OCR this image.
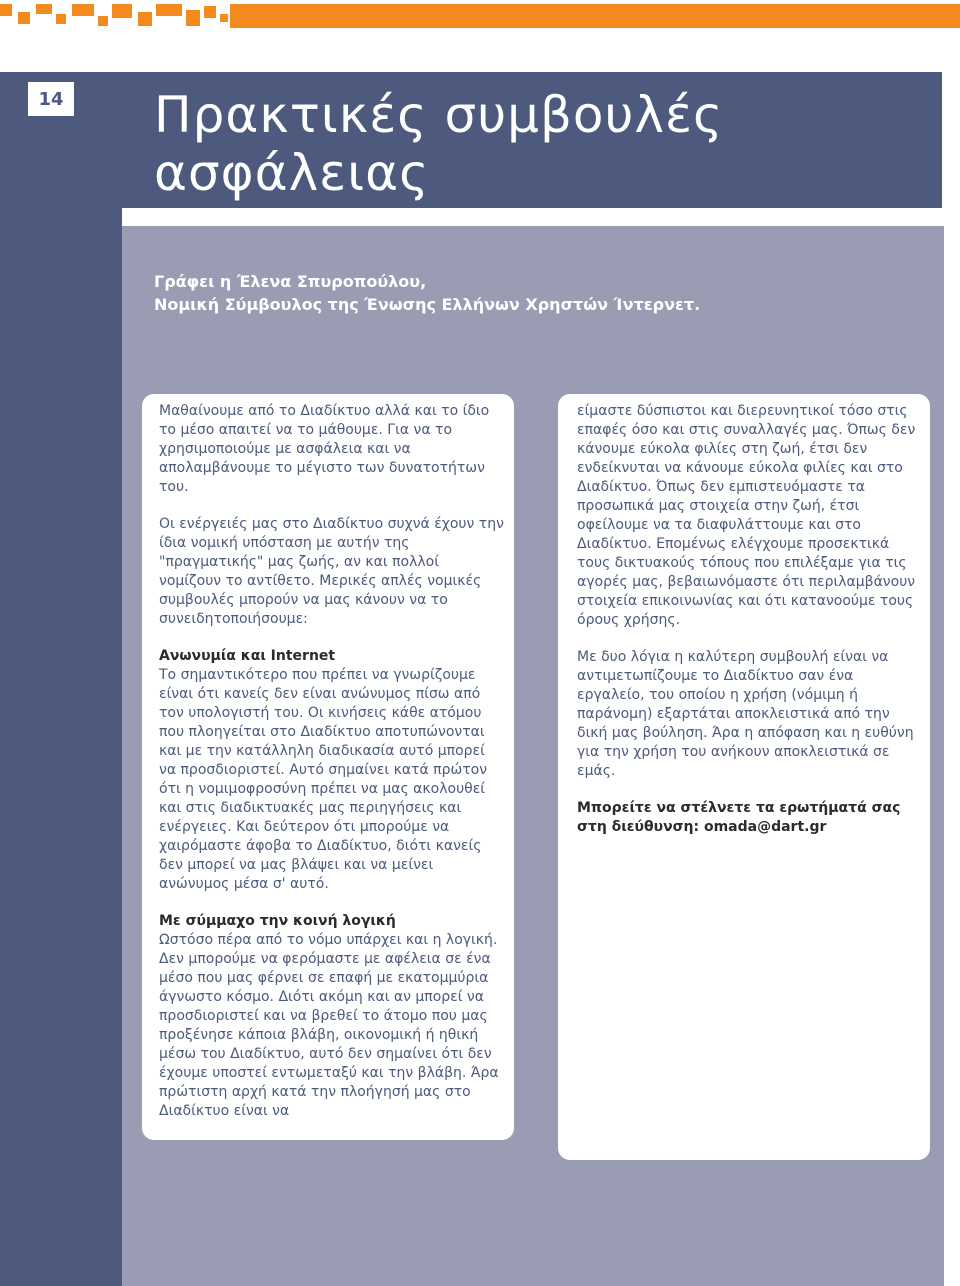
14 Πρακτικές συμβουλές
ασφάλειας

Γράφει η Έλενα Σπυροπούλου,
Νομική Σύμβουλος της Ένωσης Ελλήνων Χρηστών Ίντερνετ.

Μαθαίνουμε από το Διαδίκτυο αλλά και το ίδιο το μέσο απαιτεί να το μάθουμε. Για να το χρησιμοποιούμε με ασφάλεια και να απολαμβάνουμε το μέγιστο των δυνατοτήτων του.

Οι ενέργειές μας στο Διαδίκτυο συχνά έχουν την ίδια νομική υπόσταση με αυτήν της "πραγματικής" μας ζωής, αν και πολλοί νομίζουν το αντίθετο. Μερικές απλές νομικές συμβουλές μπορούν να μας κάνουν να το συνειδητοποιήσουμε:

Ανωνυμία και Internet

Το σημαντικότερο που πρέπει να γνωρίζουμε είναι ότι κανείς δεν είναι ανώνυμος πίσω από τον υπολογιστή του. Οι κινήσεις κάθε ατόμου που πλοηγείται στο Διαδίκτυο αποτυπώνονται και με την κατάλληλη διαδικασία αυτό μπορεί να προσδιοριστεί. Αυτό σημαίνει κατά πρώτον ότι η νομιμοφροσύνη πρέπει να μας ακολουθεί και στις διαδικτυακές μας περιηγήσεις και ενέργειες. Και δεύτερον ότι μπορούμε να χαιρόμαστε άφοβα το Διαδίκτυο, διότι κανείς δεν μπορεί να μας βλάψει και να μείνει ανώνυμος μέσα σ' αυτό.

Με σύμμαχο την κοινή λογική

Ωστόσο πέρα από το νόμο υπάρχει και η λογική. Δεν μπορούμε να φερόμαστε με αφέλεια σε ένα μέσο που μας φέρνει σε επαφή με εκατομμύρια άγνωστο κόσμο. Διότι ακόμη και αν μπορεί να προσδιοριστεί και να βρεθεί το άτομο που μας προξένησε κάποια βλάβη, οικονομική ή ηθική μέσω του Διαδίκτυο, αυτό δεν σημαίνει ότι δεν έχουμε υποστεί εντωμεταξύ και την βλάβη. Άρα πρώτιστη αρχή κατά την πλοήγησή μας στο Διαδίκτυο είναι να

είμαστε δύσπιστοι και διερευνητικοί τόσο στις επαφές όσο και στις συναλλαγές μας. Όπως δεν κάνουμε εύκολα φιλίες στη ζωή, έτσι δεν ενδείκνυται να κάνουμε εύκολα φιλίες και στο Διαδίκτυο. Όπως δεν εμπιστευόμαστε τα προσωπικά μας στοιχεία στην ζωή, έτσι οφείλουμε να τα διαφυλάττουμε και στο Διαδίκτυο. Επομένως ελέγχουμε προσεκτικά τους δικτυακούς τόπους που επιλέξαμε για τις αγορές μας, βεβαιωνόμαστε ότι περιλαμβάνουν στοιχεία επικοινωνίας και ότι κατανοούμε τους όρους χρήσης.

Με δυο λόγια η καλύτερη συμβουλή είναι να αντιμετωπίζουμε το Διαδίκτυο σαν ένα εργαλείο, του οποίου η χρήση (νόμιμη ή παράνομη) εξαρτάται αποκλειστικά από την δική μας βούληση. Άρα η απόφαση και η ευθύνη για την χρήση του ανήκουν αποκλειστικά σε εμάς.

Μπορείτε να στέλνετε τα ερωτήματά σας στη διεύθυνση: omada@dart.gr
